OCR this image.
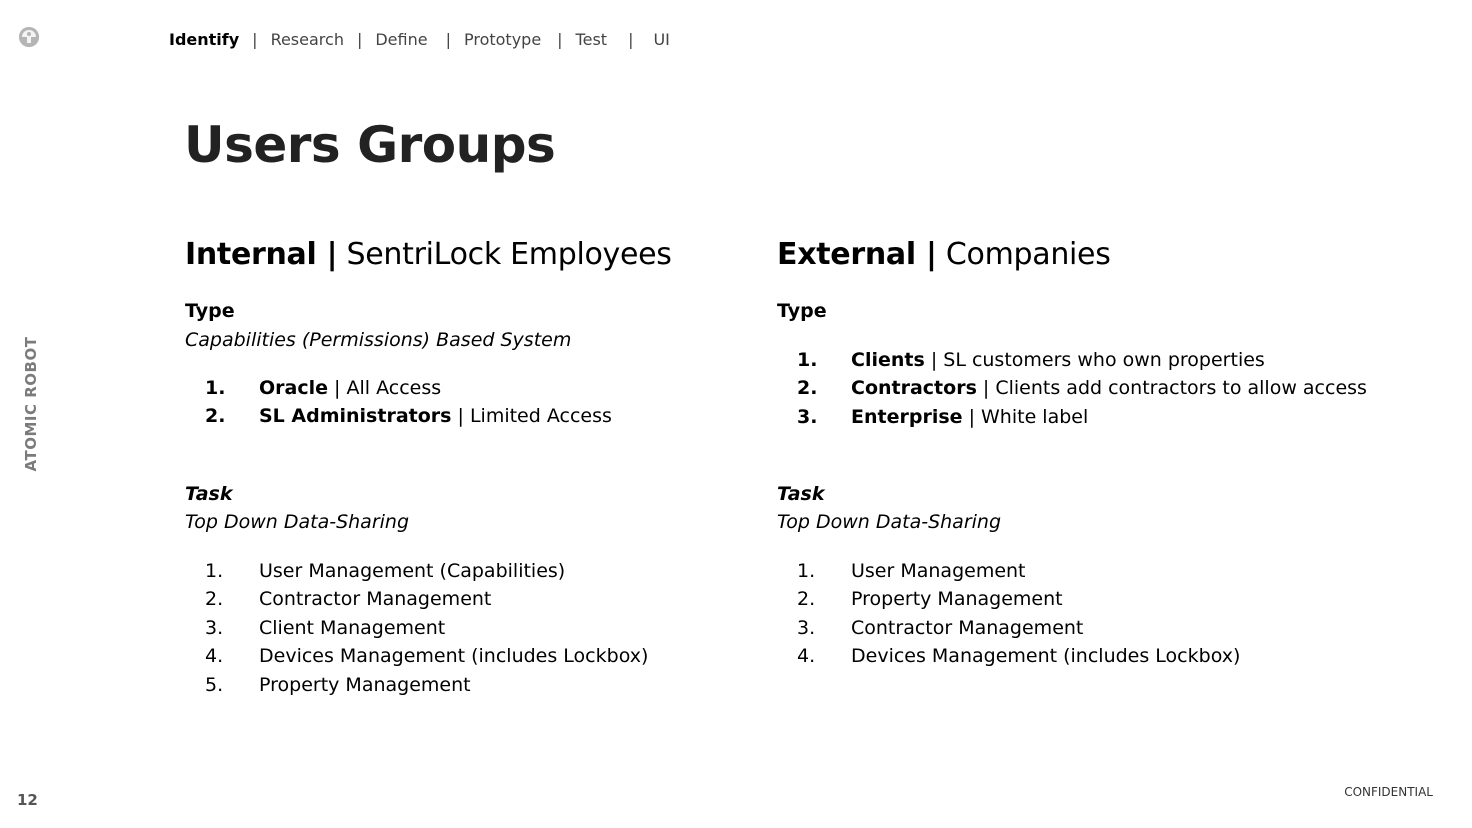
Identify | Research | Define | Prototype | Test | UI
ATOMIC ROBOT
Users Groups
Internal | SentriLock Employees
Type
Capabilities (Permissions) Based System
1.	Oracle | All Access
2.	SL Administrators | Limited Access
Task
Top Down Data-Sharing
1.	User Management (Capabilities)
2.	Contractor Management
3.	Client Management
4.	Devices Management (includes Lockbox)
5.	Property Management
External | Companies
Type
1.	Clients | SL customers who own properties
2.	Contractors | Clients add contractors to allow access
3.	Enterprise | White label
Task
Top Down Data-Sharing
1.	User Management
2.	Property Management
3.	Contractor Management
4.	Devices Management (includes Lockbox)
12	CONFIDENTIAL
